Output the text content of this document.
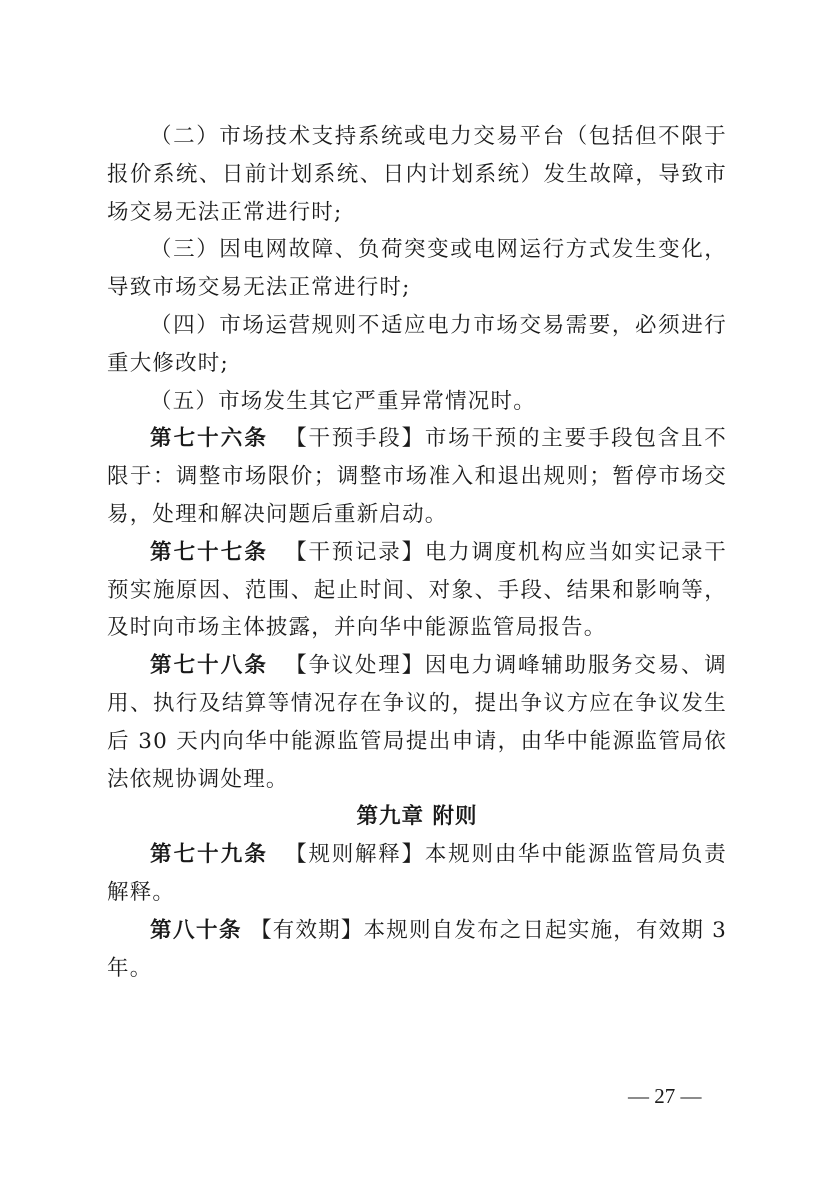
（二）市场技术支持系统或电力交易平台（包括但不限于报价系统、日前计划系统、日内计划系统）发生故障，导致市场交易无法正常进行时;

（三）因电网故障、负荷突变或电网运行方式发生变化，导致市场交易无法正常进行时;

（四）市场运营规则不适应电力市场交易需要，必须进行重大修改时;

（五）市场发生其它严重异常情况时。

第七十六条 【干预手段】市场干预的主要手段包含且不限于：调整市场限价；调整市场准入和退出规则；暂停市场交易，处理和解决问题后重新启动。

第七十七条 【干预记录】电力调度机构应当如实记录干预实施原因、范围、起止时间、对象、手段、结果和影响等，及时向市场主体披露，并向华中能源监管局报告。

第七十八条 【争议处理】因电力调峰辅助服务交易、调用、执行及结算等情况存在争议的，提出争议方应在争议发生后 30 天内向华中能源监管局提出申请，由华中能源监管局依法依规协调处理。

第九章 附则

第七十九条 【规则解释】本规则由华中能源监管局负责解释。

第八十条 【有效期】本规则自发布之日起实施，有效期 3 年。

— 27 —
